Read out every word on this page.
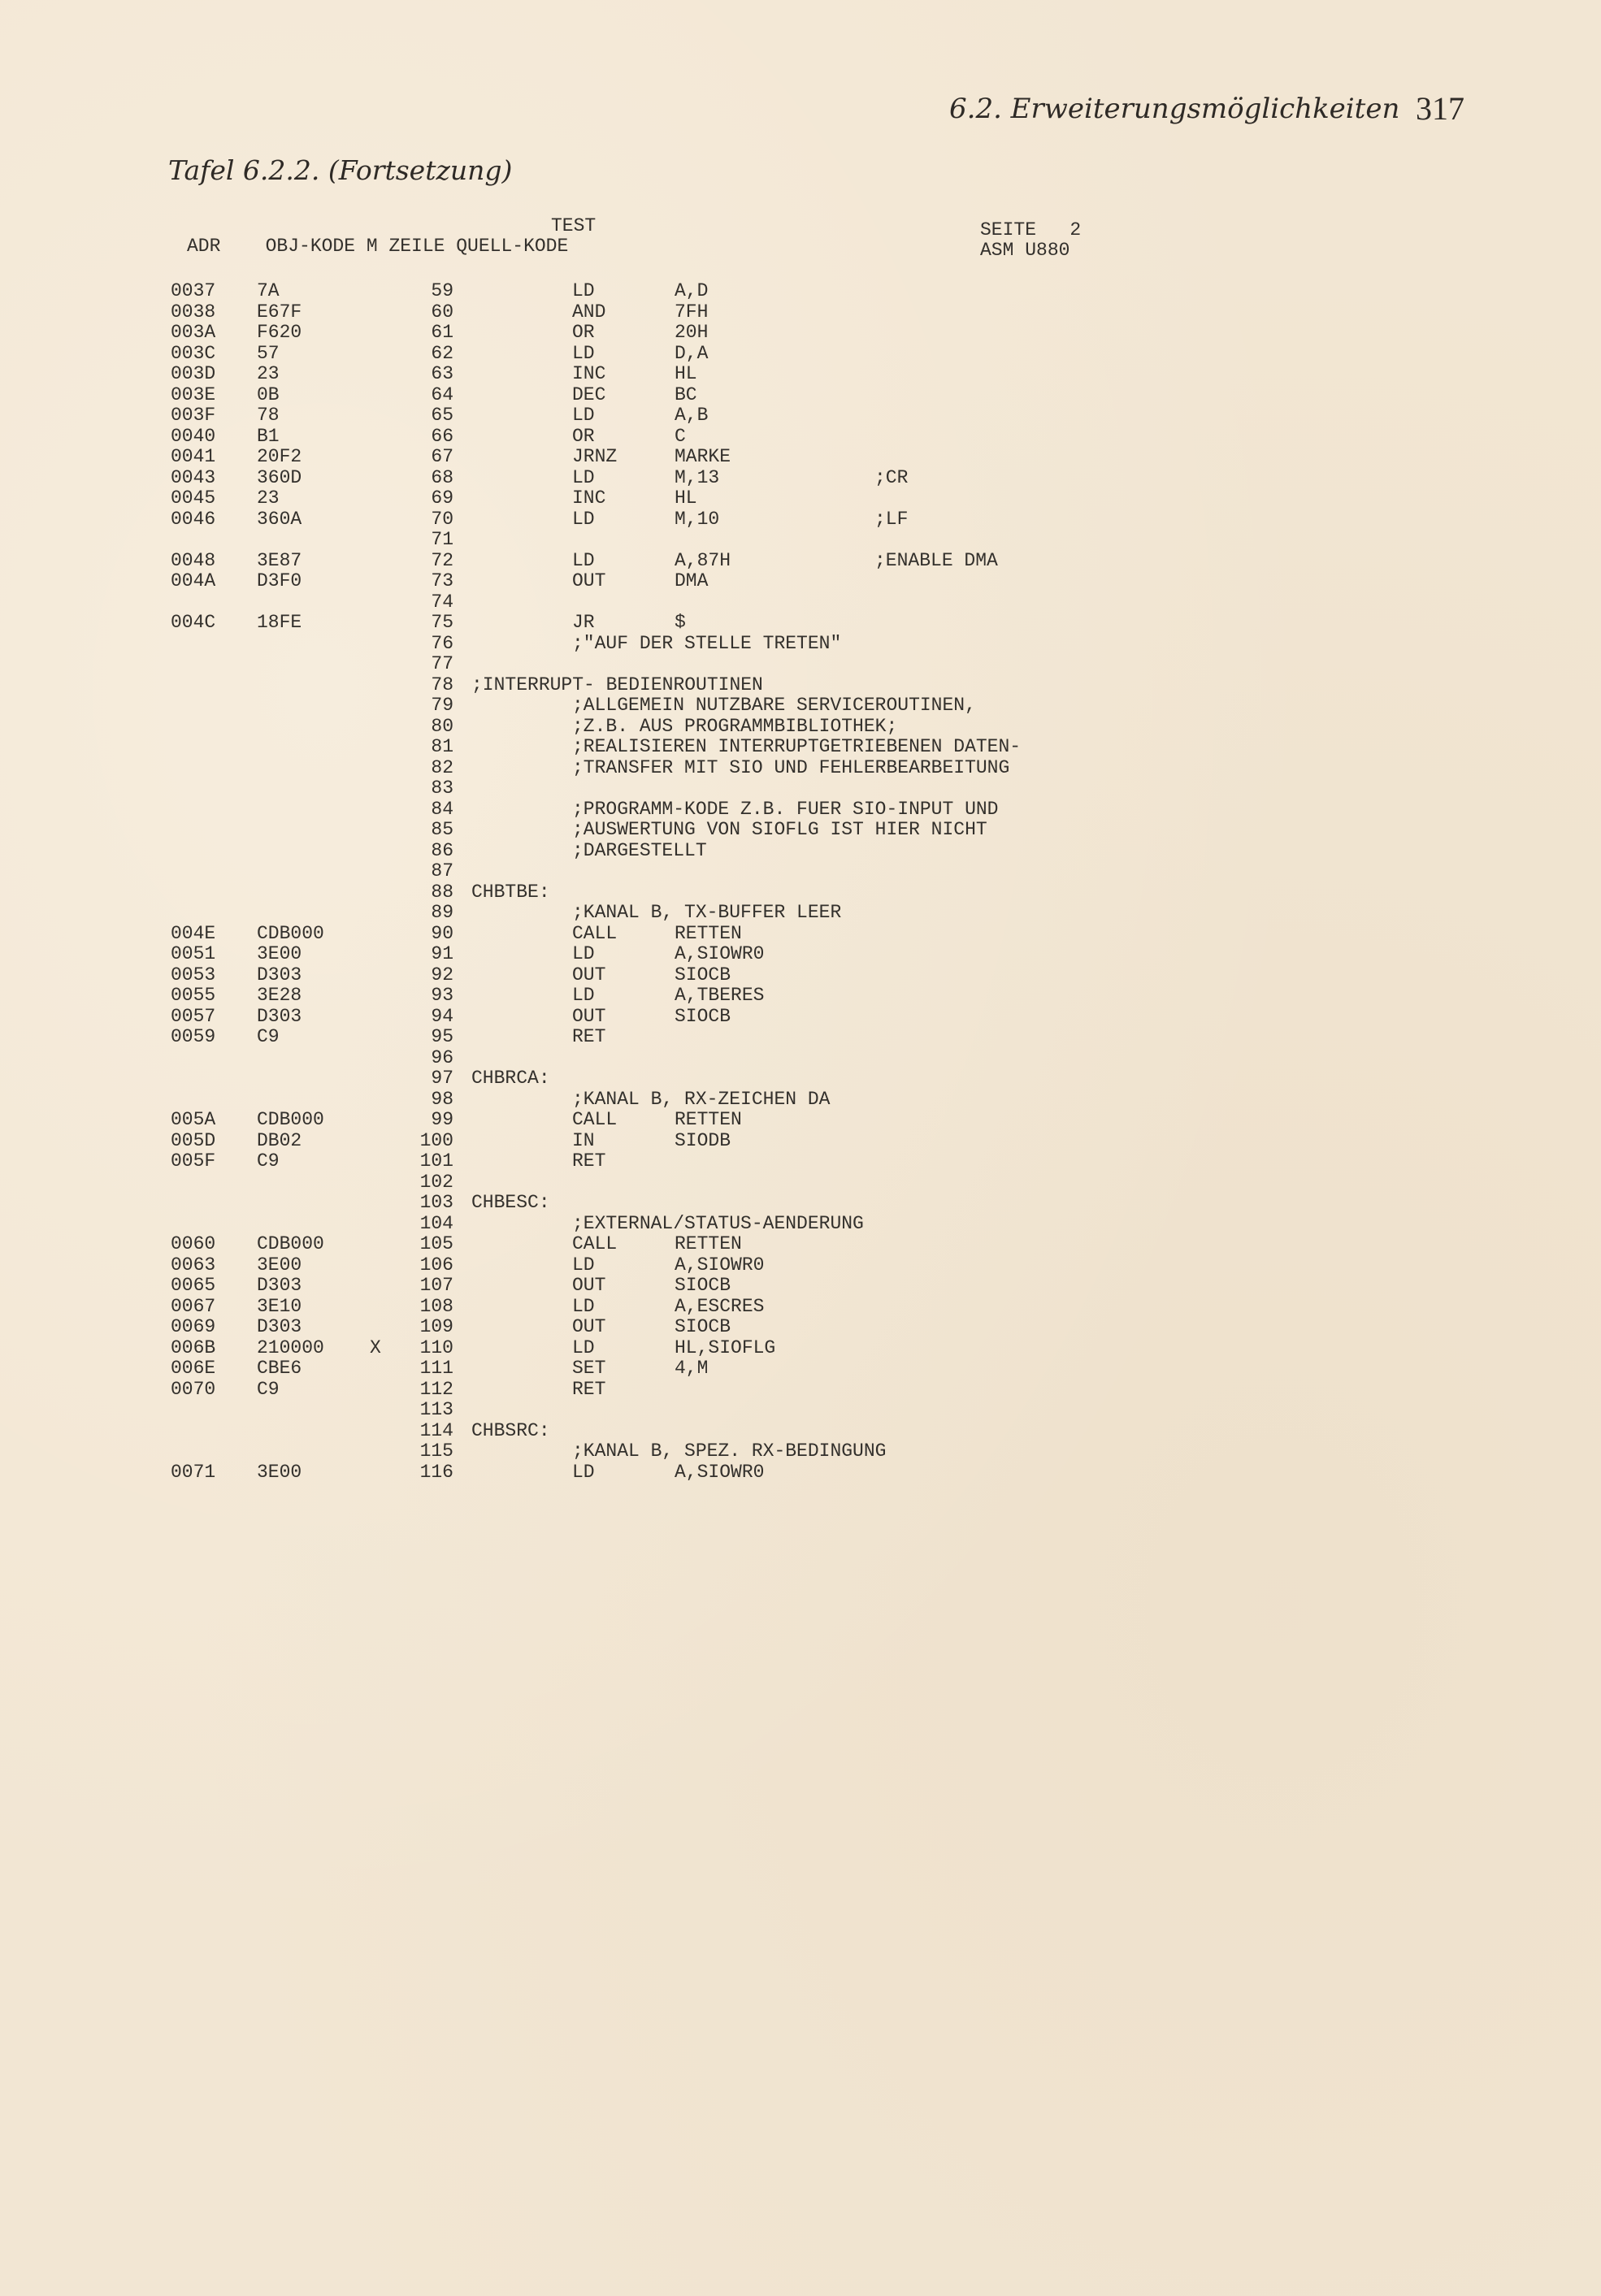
6.2. Erweiterungsmöglichkeiten 317
Tafel 6.2.2. (Fortsetzung)

TEST

ADR    OBJ-KODE M ZEILE QUELL-KODE

SEITE   2

ASM U880

0037 7A	59	LD	A,D
0038 E67F	60	AND	7FH
003A F620	61	OR	20H
003C 57	62	LD	D,A
003D 23	63	INC	HL
003E 0B	64	DEC	BC
003F 78	65	LD	A,B
0040 B1	66	OR	C
0041 20F2	67	JRNZ	MARKE
0043 360D	68	LD	M,13	;CR
0045 23	69	INC	HL
0046 360A	70	LD	M,10	;LF
71
0048 3E87	72	LD	A,87H	;ENABLE DMA
004A D3F0	73	OUT	DMA
74
004C 18FE	75	JR	$
76	;"AUF DER STELLE TRETEN"
77
78 ;INTERRUPT- BEDIENROUTINEN
79	;ALLGEMEIN NUTZBARE SERVICEROUTINEN,
80	;Z.B. AUS PROGRAMMBIBLIOTHEK;
81	;REALISIEREN INTERRUPTGETRIEBENEN DATEN-
82	;TRANSFER MIT SIO UND FEHLERBEARBEITUNG
83
84	;PROGRAMM-KODE Z.B. FUER SIO-INPUT UND
85	;AUSWERTUNG VON SIOFLG IST HIER NICHT
86	;DARGESTELLT
87
88 CHBTBE:
89	;KANAL B, TX-BUFFER LEER
004E CDB000	90	CALL	RETTEN
0051 3E00	91	LD	A,SIOWR0
0053 D303	92	OUT	SIOCB
0055 3E28	93	LD	A,TBERES
0057 D303	94	OUT	SIOCB
0059 C9	95	RET
96
97 CHBRCA:
98	;KANAL B, RX-ZEICHEN DA
005A CDB000	99	CALL	RETTEN
005D DB02	100	IN	SIODB
005F C9	101	RET
102
103 CHBESC:
104	;EXTERNAL/STATUS-AENDERUNG
0060 CDB000	105	CALL	RETTEN
0063 3E00	106	LD	A,SIOWR0
0065 D303	107	OUT	SIOCB
0067 3E10	108	LD	A,ESCRES
0069 D303	109	OUT	SIOCB
006B 210000 X 110	LD	HL,SIOFLG
006E CBE6	111	SET	4,M
0070 C9	112	RET
113
114 CHBSRC:
115	;KANAL B, SPEZ. RX-BEDINGUNG
0071 3E00	116	LD	A,SIOWR0
